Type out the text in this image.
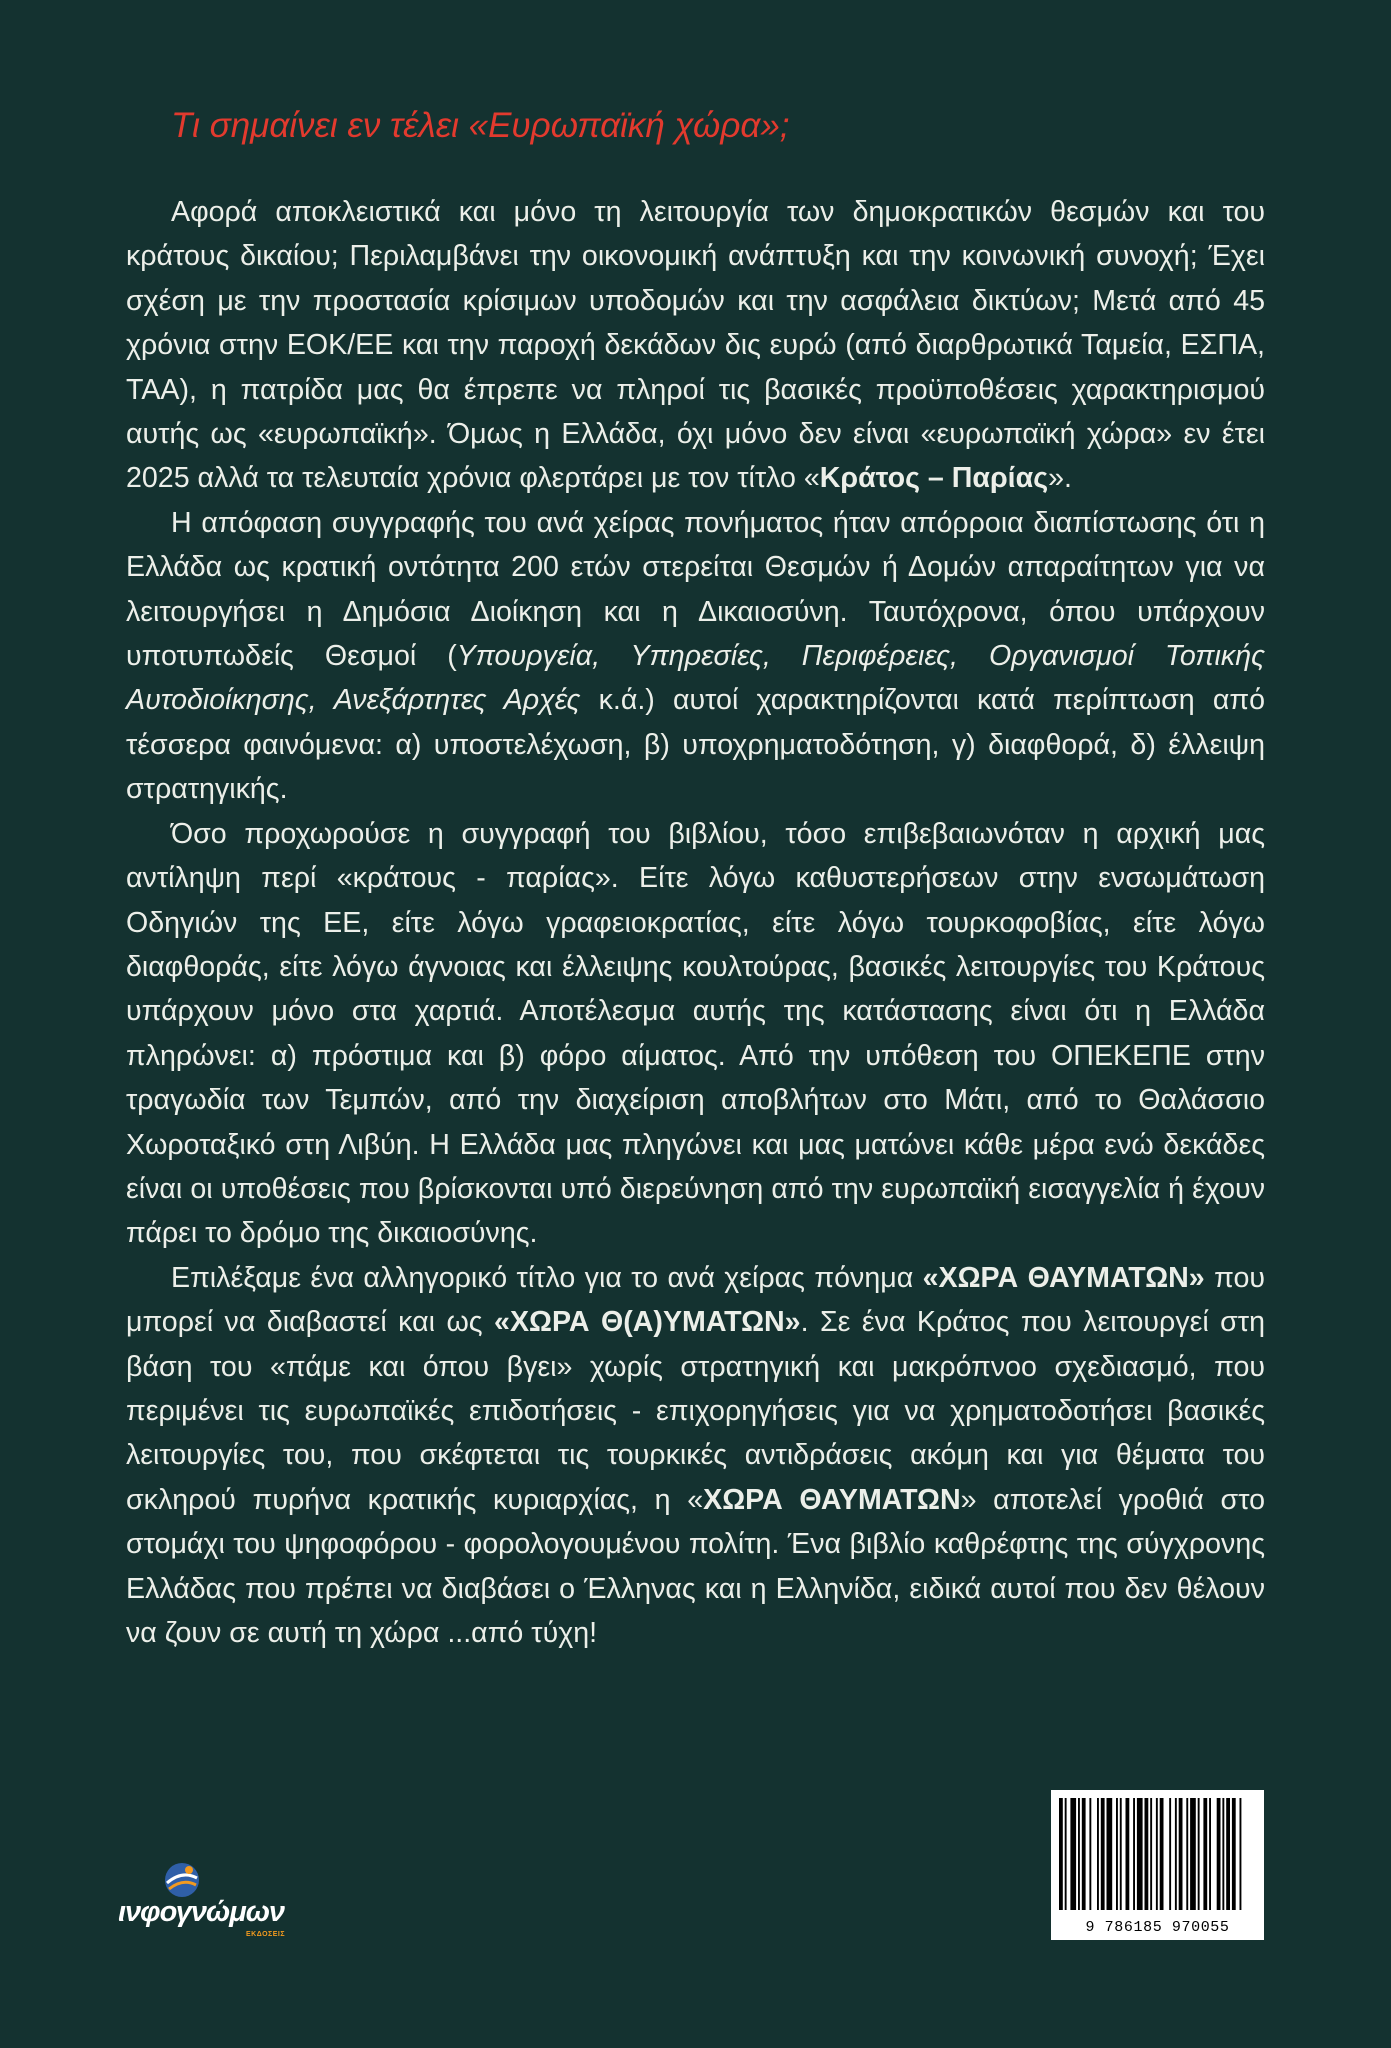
Τι σημαίνει εν τέλει «Ευρωπαϊκή χώρα»;

Αφορά αποκλειστικά και μόνο τη λειτουργία των δημοκρατικών θεσμών και του κράτους δικαίου; Περιλαμβάνει την οικονομική ανάπτυξη και την κοινωνική συνοχή; Έχει σχέση με την προστασία κρίσιμων υποδομών και την ασφάλεια δικτύων; Μετά από 45 χρόνια στην ΕΟΚ/ΕΕ και την παροχή δεκάδων δις ευρώ (από διαρθρωτικά Ταμεία, ΕΣΠΑ, ΤΑΑ), η πατρίδα μας θα έπρεπε να πληροί τις βασικές προϋποθέσεις χαρακτηρισμού αυτής ως «ευρωπαϊκή». Όμως η Ελλάδα, όχι μόνο δεν είναι «ευρωπαϊκή χώρα» εν έτει 2025 αλλά τα τελευταία χρόνια φλερτάρει με τον τίτλο «Κράτος – Παρίας».

Η απόφαση συγγραφής του ανά χείρας πονήματος ήταν απόρροια διαπίστωσης ότι η Ελλάδα ως κρατική οντότητα 200 ετών στερείται Θεσμών ή Δομών απαραίτητων για να λειτουργήσει η Δημόσια Διοίκηση και η Δικαιοσύνη. Ταυτόχρονα, όπου υπάρχουν υποτυπωδείς Θεσμοί (Υπουργεία, Υπηρεσίες, Περιφέρειες, Οργανισμοί Τοπικής Αυτοδιοίκησης, Ανεξάρτητες Αρχές κ.ά.) αυτοί χαρακτηρίζονται κατά περίπτωση από τέσσερα φαινόμενα: α) υποστελέχωση, β) υποχρηματοδότηση, γ) διαφθορά, δ) έλλειψη στρατηγικής.

Όσο προχωρούσε η συγγραφή του βιβλίου, τόσο επιβεβαιωνόταν η αρχική μας αντίληψη περί «κράτους - παρίας». Είτε λόγω καθυστερήσεων στην ενσωμάτωση Οδηγιών της ΕΕ, είτε λόγω γραφειοκρατίας, είτε λόγω τουρκοφοβίας, είτε λόγω διαφθοράς, είτε λόγω άγνοιας και έλλειψης κουλτούρας, βασικές λειτουργίες του Κράτους υπάρχουν μόνο στα χαρτιά. Αποτέλεσμα αυτής της κατάστασης είναι ότι η Ελλάδα πληρώνει: α) πρόστιμα και β) φόρο αίματος. Από την υπόθεση του ΟΠΕΚΕΠΕ στην τραγωδία των Τεμπών, από την διαχείριση αποβλήτων στο Μάτι, από το Θαλάσσιο Χωροταξικό στη Λιβύη. Η Ελλάδα μας πληγώνει και μας ματώνει κάθε μέρα ενώ δεκάδες είναι οι υποθέσεις που βρίσκονται υπό διερεύνηση από την ευρωπαϊκή εισαγγελία ή έχουν πάρει το δρόμο της δικαιοσύνης.

Επιλέξαμε ένα αλληγορικό τίτλο για το ανά χείρας πόνημα «ΧΩΡΑ ΘΑΥΜΑΤΩΝ» που μπορεί να διαβαστεί και ως «ΧΩΡΑ Θ(Α)ΥΜΑΤΩΝ». Σε ένα Κράτος που λειτουργεί στη βάση του «πάμε και όπου βγει» χωρίς στρατηγική και μακρόπνοο σχεδιασμό, που περιμένει τις ευρωπαϊκές επιδοτήσεις - επιχορηγήσεις για να χρηματοδοτήσει βασικές λειτουργίες του, που σκέφτεται τις τουρκικές αντιδράσεις ακόμη και για θέματα του σκληρού πυρήνα κρατικής κυριαρχίας, η «ΧΩΡΑ ΘΑΥΜΑΤΩΝ» αποτελεί γροθιά στο στομάχι του ψηφοφόρου - φορολογουμένου πολίτη. Ένα βιβλίο καθρέφτης της σύγχρονης Ελλάδας που πρέπει να διαβάσει ο Έλληνας και η Ελληνίδα, ειδικά αυτοί που δεν θέλουν να ζουν σε αυτή τη χώρα ...από τύχη!

ινφογνώμων
ΕΚΔΟΣΕΙΣ	9 786185 970055
